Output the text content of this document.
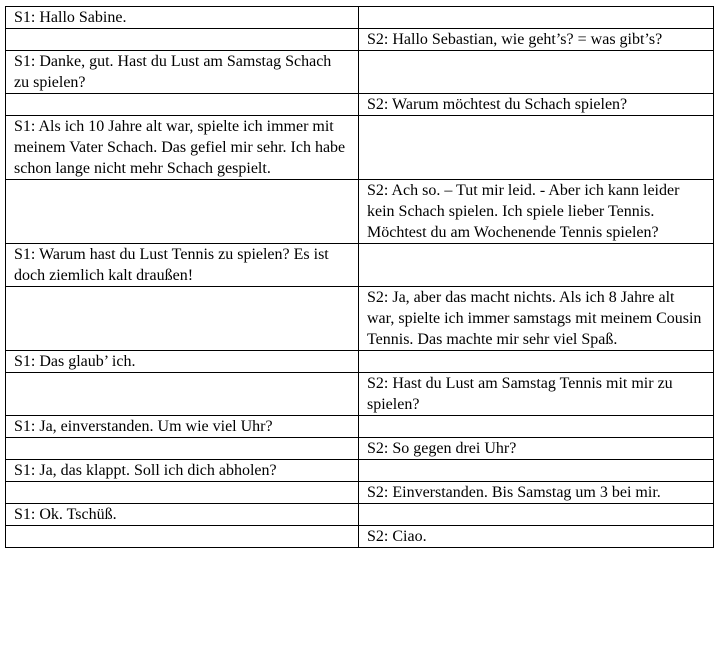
S1: Hallo Sabine.	
	S2: Hallo Sebastian, wie geht’s? = was gibt’s?
S1: Danke, gut. Hast du Lust am Samstag Schach zu spielen?	
	S2: Warum möchtest du Schach spielen?
S1: Als ich 10 Jahre alt war, spielte ich immer mit meinem Vater Schach. Das gefiel mir sehr. Ich habe schon lange nicht mehr Schach gespielt.	
	S2: Ach so. – Tut mir leid. - Aber ich kann leider kein Schach spielen. Ich spiele lieber Tennis. Möchtest du am Wochenende Tennis spielen?
S1: Warum hast du Lust Tennis zu spielen? Es ist doch ziemlich kalt draußen!	
	S2: Ja, aber das macht nichts. Als ich 8 Jahre alt war, spielte ich immer samstags mit meinem Cousin Tennis. Das machte mir sehr viel Spaß.
S1: Das glaub’ ich.	
	S2: Hast du Lust am Samstag Tennis mit mir zu spielen?
S1: Ja, einverstanden. Um wie viel Uhr?	
	S2: So gegen drei Uhr?
S1: Ja, das klappt. Soll ich dich abholen?	
	S2: Einverstanden. Bis Samstag um 3 bei mir.
S1: Ok. Tschüß.	
	S2: Ciao.
